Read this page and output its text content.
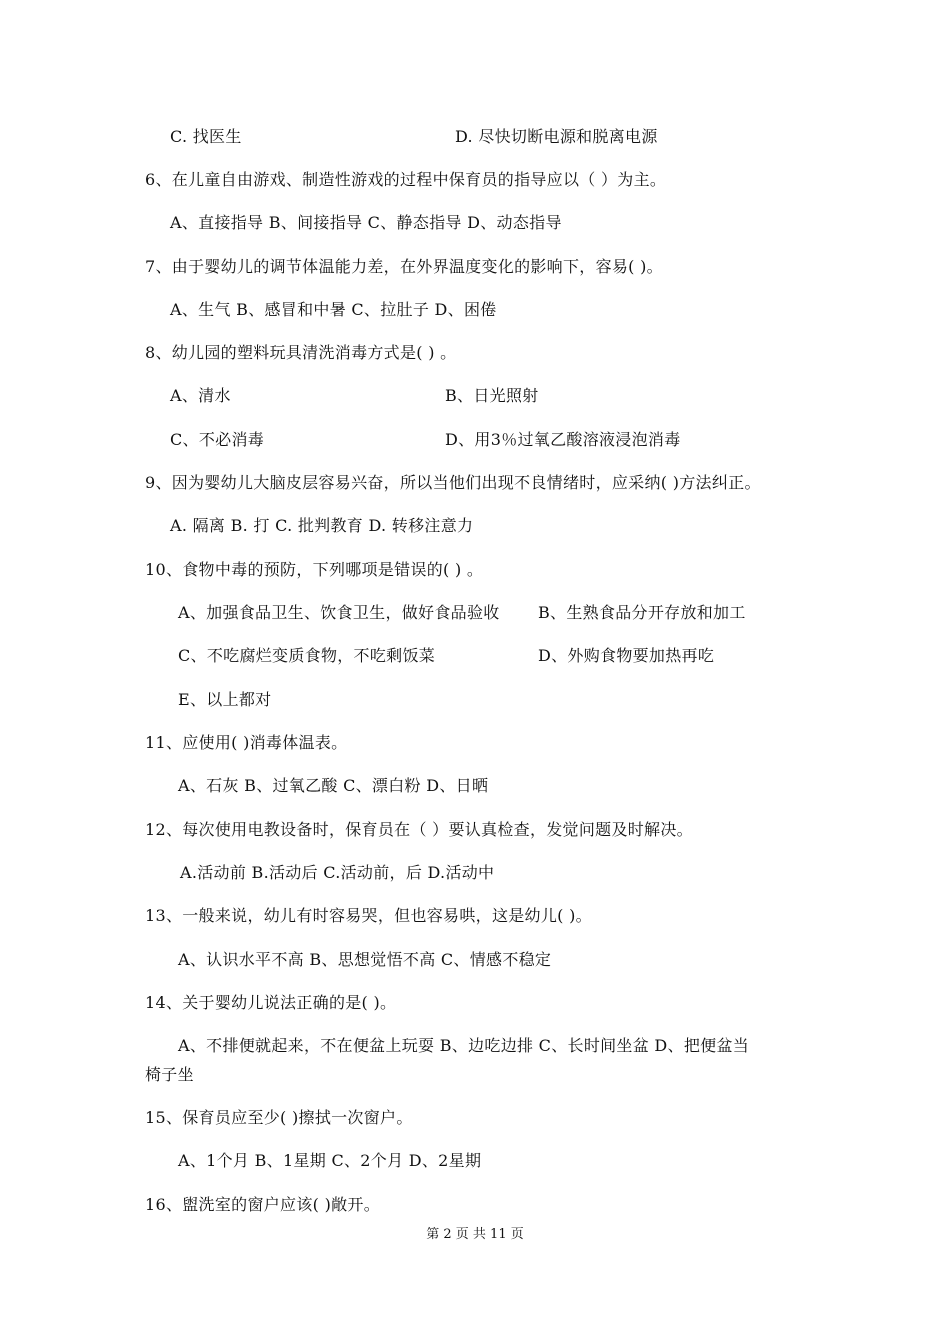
C. 找医生	D. 尽快切断电源和脱离电源
6、在儿童自由游戏、制造性游戏的过程中保育员的指导应以（ ）为主。
A、直接指导 B、间接指导 C、静态指导 D、动态指导
7、由于婴幼儿的调节体温能力差，在外界温度变化的影响下，容易( )。
A、生气 B、感冒和中暑 C、拉肚子 D、困倦
8、幼儿园的塑料玩具清洗消毒方式是( ) 。
A、清水	B、日光照射
C、不必消毒	D、用3％过氧乙酸溶液浸泡消毒
9、因为婴幼儿大脑皮层容易兴奋，所以当他们出现不良情绪时，应采纳( )方法纠正。
A. 隔离 B. 打 C. 批判教育 D. 转移注意力
10、食物中毒的预防，下列哪项是错误的( ) 。
A、加强食品卫生、饮食卫生，做好食品验收 B、生熟食品分开存放和加工
C、不吃腐烂变质食物，不吃剩饭菜	D、外购食物要加热再吃
E、以上都对
11、应使用( )消毒体温表。
A、石灰 B、过氧乙酸 C、漂白粉 D、日晒
12、每次使用电教设备时，保育员在（ ）要认真检查，发觉问题及时解决。
A.活动前 B.活动后 C.活动前，后 D.活动中
13、一般来说，幼儿有时容易哭，但也容易哄，这是幼儿( )。
A、认识水平不高 B、思想觉悟不高 C、情感不稳定
14、关于婴幼儿说法正确的是( )。
A、不排便就起来，不在便盆上玩耍 B、边吃边排 C、长时间坐盆 D、把便盆当
椅子坐
15、保育员应至少( )擦拭一次窗户。
A、1个月 B、1星期 C、2个月 D、2星期
16、盥洗室的窗户应该( )敞开。
第 2 页 共 11 页
